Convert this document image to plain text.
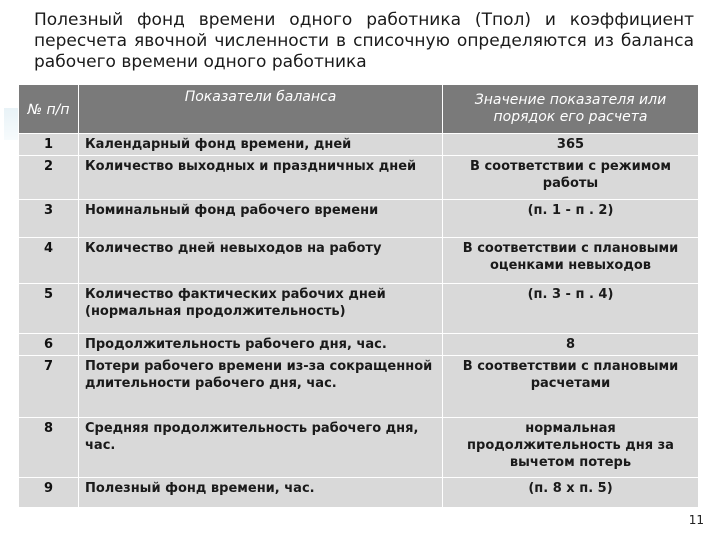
Полезный фонд времени одного работника (Тпол) и коэффициент пересчета явочной численности в списочную определяются из баланса рабочего времени одного работника
№ п/п	Показатели баланса	Значение показателя или порядок его расчета
1	Календарный фонд времени, дней	365
2	Количество выходных и праздничных дней	В соответствии с режимом работы
3	Номинальный фонд рабочего времени	(п. 1 - п . 2)
4	Количество дней невыходов на работу	В соответствии с плановыми оценками невыходов
5	Количество фактических рабочих дней (нормальная продолжительность)	(п. 3 - п . 4)
6	Продолжительность рабочего дня, час.	8
7	Потери рабочего времени из-за сокращенной длительности рабочего дня, час.	В соответствии с плановыми расчетами
8	Средняя продолжительность рабочего дня, час.	нормальная продолжительность дня за вычетом потерь
9	Полезный фонд времени, час.	(п. 8 х п. 5)
11
